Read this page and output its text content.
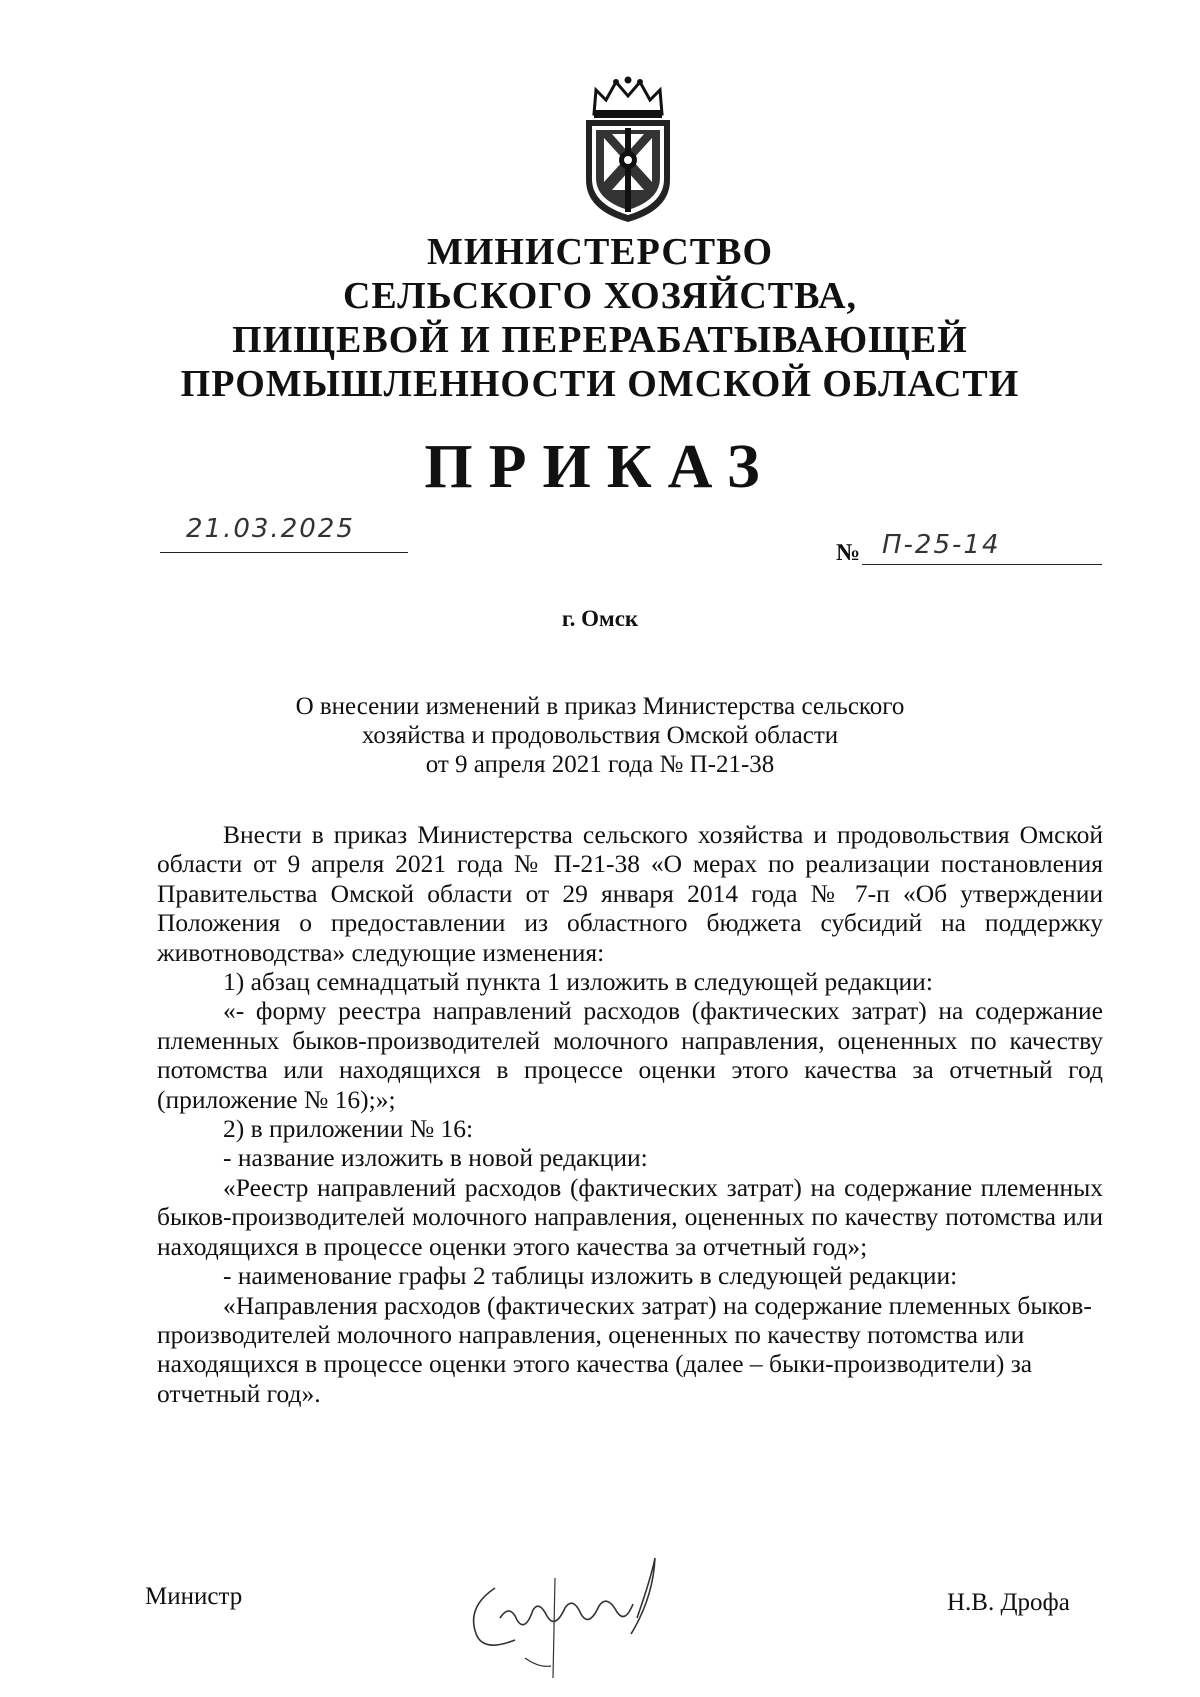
МИНИСТЕРСТВО
СЕЛЬСКОГО ХОЗЯЙСТВА,
ПИЩЕВОЙ И ПЕРЕРАБАТЫВАЮЩЕЙ
ПРОМЫШЛЕННОСТИ ОМСКОЙ ОБЛАСТИ
ПРИКАЗ
21.03.2025
№ П-25-14
г. Омск
О внесении изменений в приказ Министерства сельского
хозяйства и продовольствия Омской области
от 9 апреля 2021 года № П-21-38

Внести в приказ Министерства сельского хозяйства и продовольствия Омской области от 9 апреля 2021 года № П-21-38 «О мерах по реализации постановления Правительства Омской области от 29 января 2014 года № 7-п «Об утверждении Положения о предоставлении из областного бюджета субсидий на поддержку животноводства» следующие изменения:

1) абзац семнадцатый пункта 1 изложить в следующей редакции:

«- форму реестра направлений расходов (фактических затрат) на содержание племенных быков-производителей молочного направления, оцененных по качеству потомства или находящихся в процессе оценки этого качества за отчетный год (приложение № 16);»;

2) в приложении № 16:

- название изложить в новой редакции:

«Реестр направлений расходов (фактических затрат) на содержание племенных быков-производителей молочного направления, оцененных по качеству потомства или находящихся в процессе оценки этого качества за отчетный год»;

- наименование графы 2 таблицы изложить в следующей редакции:

«Направления расходов (фактических затрат) на содержание племенных быков-производителей молочного направления, оцененных по качеству потомства или находящихся в процессе оценки этого качества (далее – быки-производители) за отчетный год».

Министр	Н.В. Дрофа
